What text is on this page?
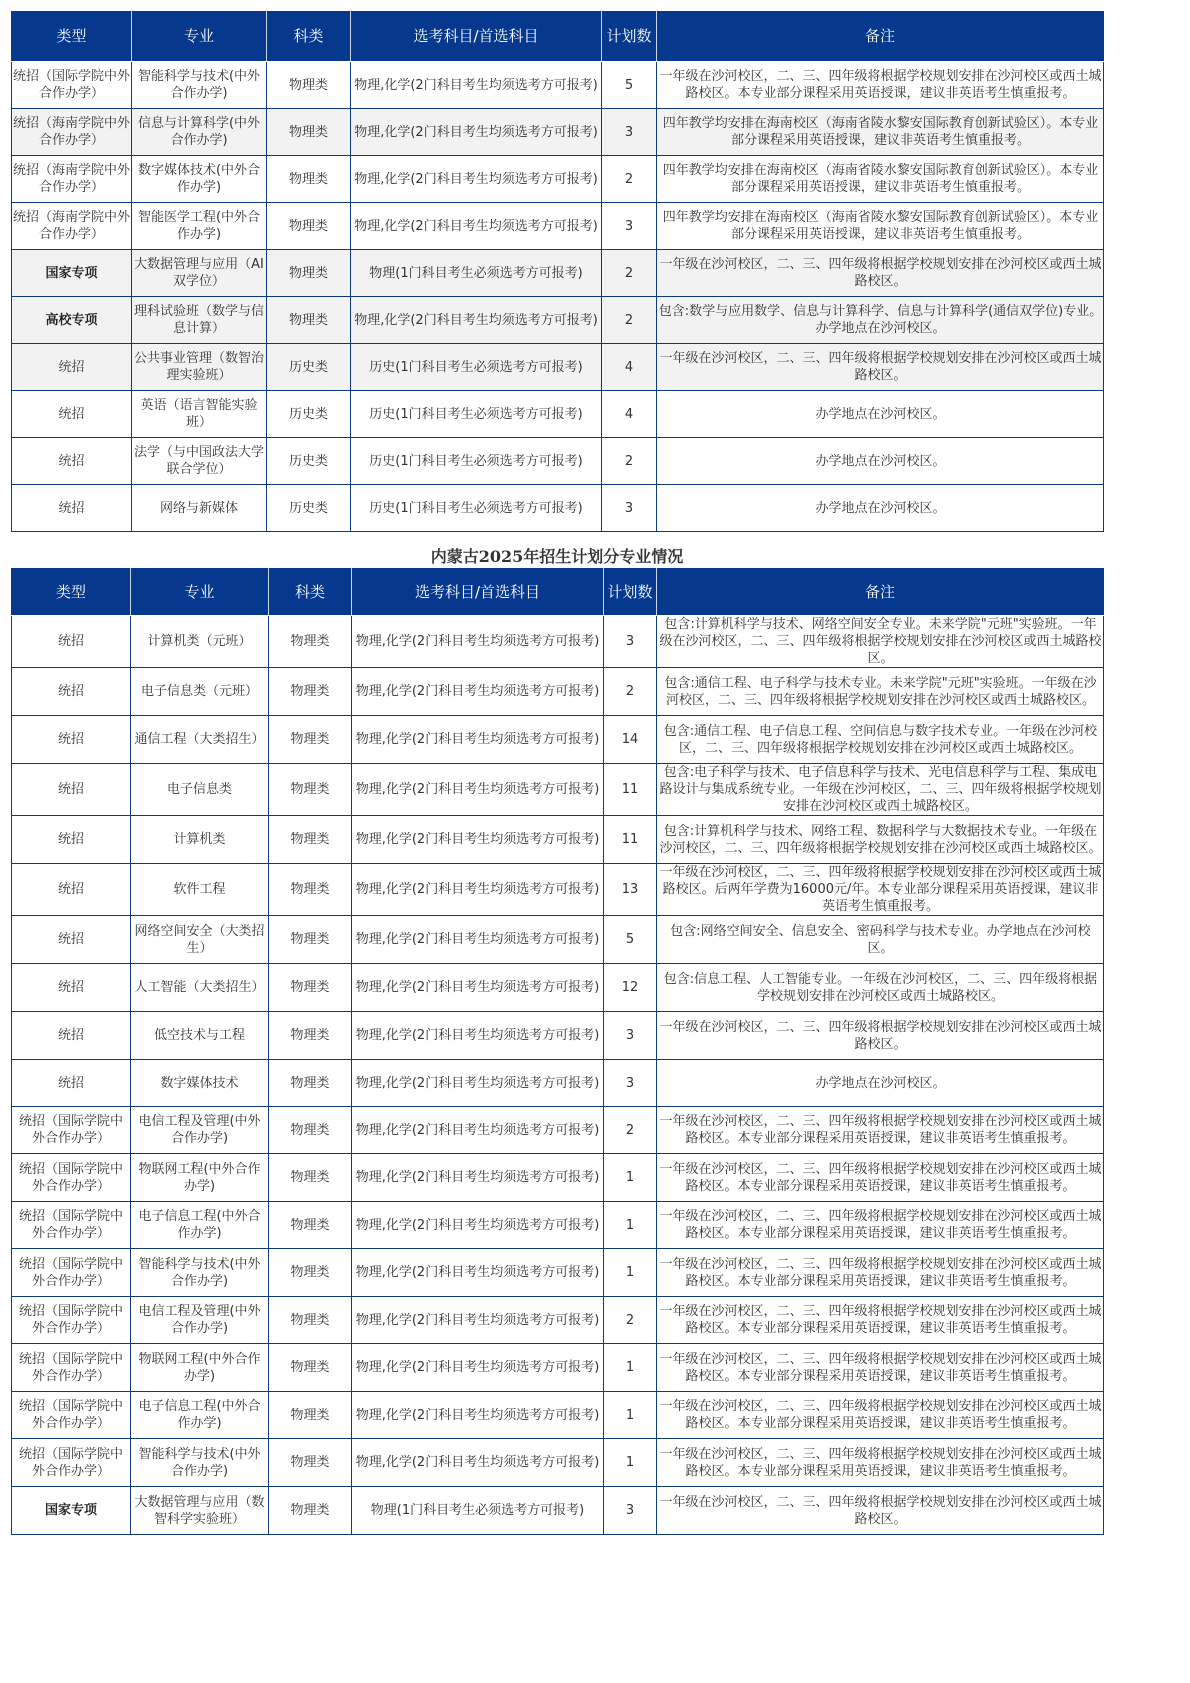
类型	专业	科类	选考科目/首选科目	计划数	备注
统招（国际学院中外合作办学）	智能科学与技术(中外合作办学)	物理类	物理,化学(2门科目考生均须选考方可报考)	5	一年级在沙河校区，二、三、四年级将根据学校规划安排在沙河校区或西土城路校区。本专业部分课程采用英语授课，建议非英语考生慎重报考。
统招（海南学院中外合作办学）	信息与计算科学(中外合作办学)	物理类	物理,化学(2门科目考生均须选考方可报考)	3	四年教学均安排在海南校区（海南省陵水黎安国际教育创新试验区）。本专业部分课程采用英语授课，建议非英语考生慎重报考。
统招（海南学院中外合作办学）	数字媒体技术(中外合作办学)	物理类	物理,化学(2门科目考生均须选考方可报考)	2	四年教学均安排在海南校区（海南省陵水黎安国际教育创新试验区）。本专业部分课程采用英语授课，建议非英语考生慎重报考。
统招（海南学院中外合作办学）	智能医学工程(中外合作办学)	物理类	物理,化学(2门科目考生均须选考方可报考)	3	四年教学均安排在海南校区（海南省陵水黎安国际教育创新试验区）。本专业部分课程采用英语授课，建议非英语考生慎重报考。
国家专项	大数据管理与应用（AI双学位）	物理类	物理(1门科目考生必须选考方可报考)	2	一年级在沙河校区，二、三、四年级将根据学校规划安排在沙河校区或西土城路校区。
高校专项	理科试验班（数学与信息计算）	物理类	物理,化学(2门科目考生均须选考方可报考)	2	包含:数学与应用数学、信息与计算科学、信息与计算科学(通信双学位)专业。办学地点在沙河校区。
统招	公共事业管理（数智治理实验班）	历史类	历史(1门科目考生必须选考方可报考)	4	一年级在沙河校区，二、三、四年级将根据学校规划安排在沙河校区或西土城路校区。
统招	英语（语言智能实验班）	历史类	历史(1门科目考生必须选考方可报考)	4	办学地点在沙河校区。
统招	法学（与中国政法大学联合学位）	历史类	历史(1门科目考生必须选考方可报考)	2	办学地点在沙河校区。
统招	网络与新媒体	历史类	历史(1门科目考生必须选考方可报考)	3	办学地点在沙河校区。
内蒙古2025年招生计划分专业情况
类型	专业	科类	选考科目/首选科目	计划数	备注
统招	计算机类（元班）	物理类	物理,化学(2门科目考生均须选考方可报考)	3	包含:计算机科学与技术、网络空间安全专业。未来学院"元班"实验班。一年级在沙河校区，二、三、四年级将根据学校规划安排在沙河校区或西土城路校区。
统招	电子信息类（元班）	物理类	物理,化学(2门科目考生均须选考方可报考)	2	包含:通信工程、电子科学与技术专业。未来学院"元班"实验班。一年级在沙河校区，二、三、四年级将根据学校规划安排在沙河校区或西土城路校区。
统招	通信工程（大类招生）	物理类	物理,化学(2门科目考生均须选考方可报考)	14	包含:通信工程、电子信息工程、空间信息与数字技术专业。一年级在沙河校区，二、三、四年级将根据学校规划安排在沙河校区或西土城路校区。
统招	电子信息类	物理类	物理,化学(2门科目考生均须选考方可报考)	11	包含:电子科学与技术、电子信息科学与技术、光电信息科学与工程、集成电路设计与集成系统专业。一年级在沙河校区，二、三、四年级将根据学校规划安排在沙河校区或西土城路校区。
统招	计算机类	物理类	物理,化学(2门科目考生均须选考方可报考)	11	包含:计算机科学与技术、网络工程、数据科学与大数据技术专业。一年级在沙河校区，二、三、四年级将根据学校规划安排在沙河校区或西土城路校区。
统招	软件工程	物理类	物理,化学(2门科目考生均须选考方可报考)	13	一年级在沙河校区，二、三、四年级将根据学校规划安排在沙河校区或西土城路校区。后两年学费为16000元/年。本专业部分课程采用英语授课，建议非英语考生慎重报考。
统招	网络空间安全（大类招生）	物理类	物理,化学(2门科目考生均须选考方可报考)	5	包含:网络空间安全、信息安全、密码科学与技术专业。办学地点在沙河校区。
统招	人工智能（大类招生）	物理类	物理,化学(2门科目考生均须选考方可报考)	12	包含:信息工程、人工智能专业。一年级在沙河校区，二、三、四年级将根据学校规划安排在沙河校区或西土城路校区。
统招	低空技术与工程	物理类	物理,化学(2门科目考生均须选考方可报考)	3	一年级在沙河校区，二、三、四年级将根据学校规划安排在沙河校区或西土城路校区。
统招	数字媒体技术	物理类	物理,化学(2门科目考生均须选考方可报考)	3	办学地点在沙河校区。
统招（国际学院中外合作办学）	电信工程及管理(中外合作办学)	物理类	物理,化学(2门科目考生均须选考方可报考)	2	一年级在沙河校区，二、三、四年级将根据学校规划安排在沙河校区或西土城路校区。本专业部分课程采用英语授课，建议非英语考生慎重报考。
统招（国际学院中外合作办学）	物联网工程(中外合作办学)	物理类	物理,化学(2门科目考生均须选考方可报考)	1	一年级在沙河校区，二、三、四年级将根据学校规划安排在沙河校区或西土城路校区。本专业部分课程采用英语授课，建议非英语考生慎重报考。
统招（国际学院中外合作办学）	电子信息工程(中外合作办学)	物理类	物理,化学(2门科目考生均须选考方可报考)	1	一年级在沙河校区，二、三、四年级将根据学校规划安排在沙河校区或西土城路校区。本专业部分课程采用英语授课，建议非英语考生慎重报考。
统招（国际学院中外合作办学）	智能科学与技术(中外合作办学)	物理类	物理,化学(2门科目考生均须选考方可报考)	1	一年级在沙河校区，二、三、四年级将根据学校规划安排在沙河校区或西土城路校区。本专业部分课程采用英语授课，建议非英语考生慎重报考。
统招（国际学院中外合作办学）	电信工程及管理(中外合作办学)	物理类	物理,化学(2门科目考生均须选考方可报考)	2	一年级在沙河校区，二、三、四年级将根据学校规划安排在沙河校区或西土城路校区。本专业部分课程采用英语授课，建议非英语考生慎重报考。
统招（国际学院中外合作办学）	物联网工程(中外合作办学)	物理类	物理,化学(2门科目考生均须选考方可报考)	1	一年级在沙河校区，二、三、四年级将根据学校规划安排在沙河校区或西土城路校区。本专业部分课程采用英语授课，建议非英语考生慎重报考。
统招（国际学院中外合作办学）	电子信息工程(中外合作办学)	物理类	物理,化学(2门科目考生均须选考方可报考)	1	一年级在沙河校区，二、三、四年级将根据学校规划安排在沙河校区或西土城路校区。本专业部分课程采用英语授课，建议非英语考生慎重报考。
统招（国际学院中外合作办学）	智能科学与技术(中外合作办学)	物理类	物理,化学(2门科目考生均须选考方可报考)	1	一年级在沙河校区，二、三、四年级将根据学校规划安排在沙河校区或西土城路校区。本专业部分课程采用英语授课，建议非英语考生慎重报考。
国家专项	大数据管理与应用（数智科学实验班）	物理类	物理(1门科目考生必须选考方可报考)	3	一年级在沙河校区，二、三、四年级将根据学校规划安排在沙河校区或西土城路校区。
